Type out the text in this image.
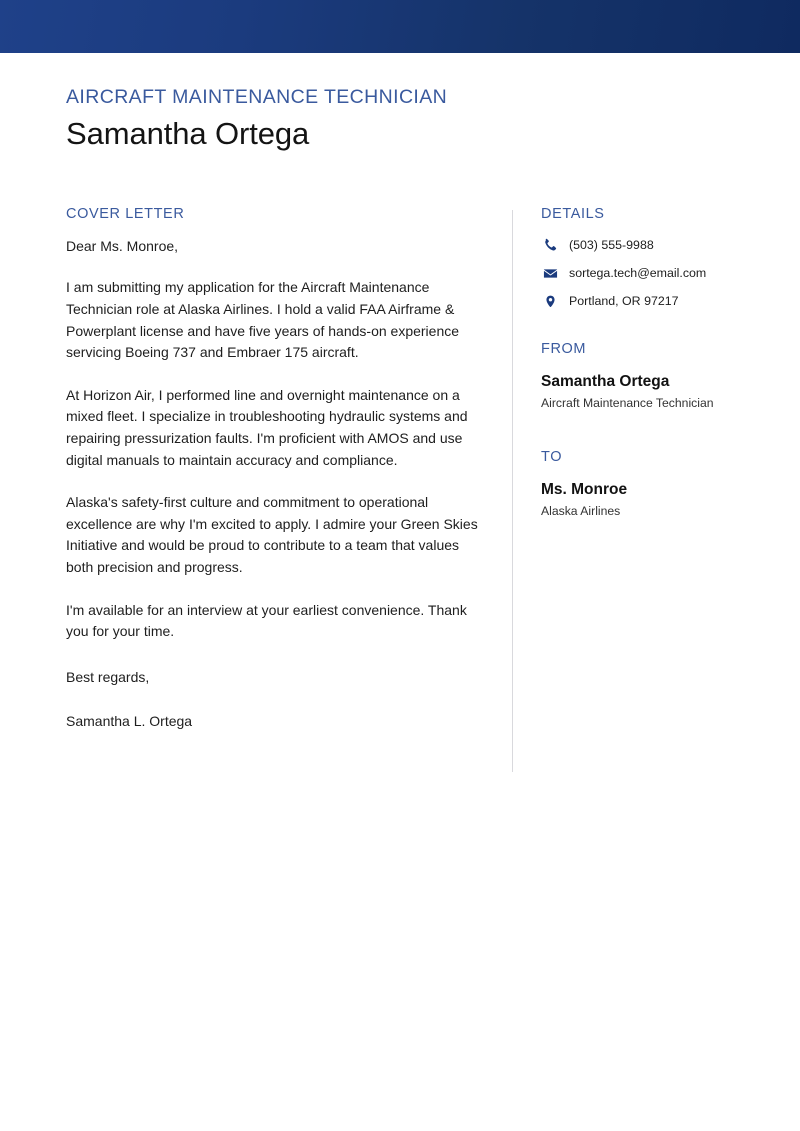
AIRCRAFT MAINTENANCE TECHNICIAN
Samantha Ortega
COVER LETTER

Dear Ms. Monroe,

I am submitting my application for the Aircraft Maintenance Technician role at Alaska Airlines. I hold a valid FAA Airframe & Powerplant license and have five years of hands-on experience servicing Boeing 737 and Embraer 175 aircraft.

At Horizon Air, I performed line and overnight maintenance on a mixed fleet. I specialize in troubleshooting hydraulic systems and repairing pressurization faults. I'm proficient with AMOS and use digital manuals to maintain accuracy and compliance.

Alaska's safety-first culture and commitment to operational excellence are why I'm excited to apply. I admire your Green Skies Initiative and would be proud to contribute to a team that values both precision and progress.

I'm available for an interview at your earliest convenience. Thank you for your time.

Best regards,

Samantha L. Ortega

DETAILS
(503) 555-9988
sortega.tech@email.com
Portland, OR 97217
FROM
Samantha Ortega
Aircraft Maintenance Technician
TO
Ms. Monroe
Alaska Airlines
